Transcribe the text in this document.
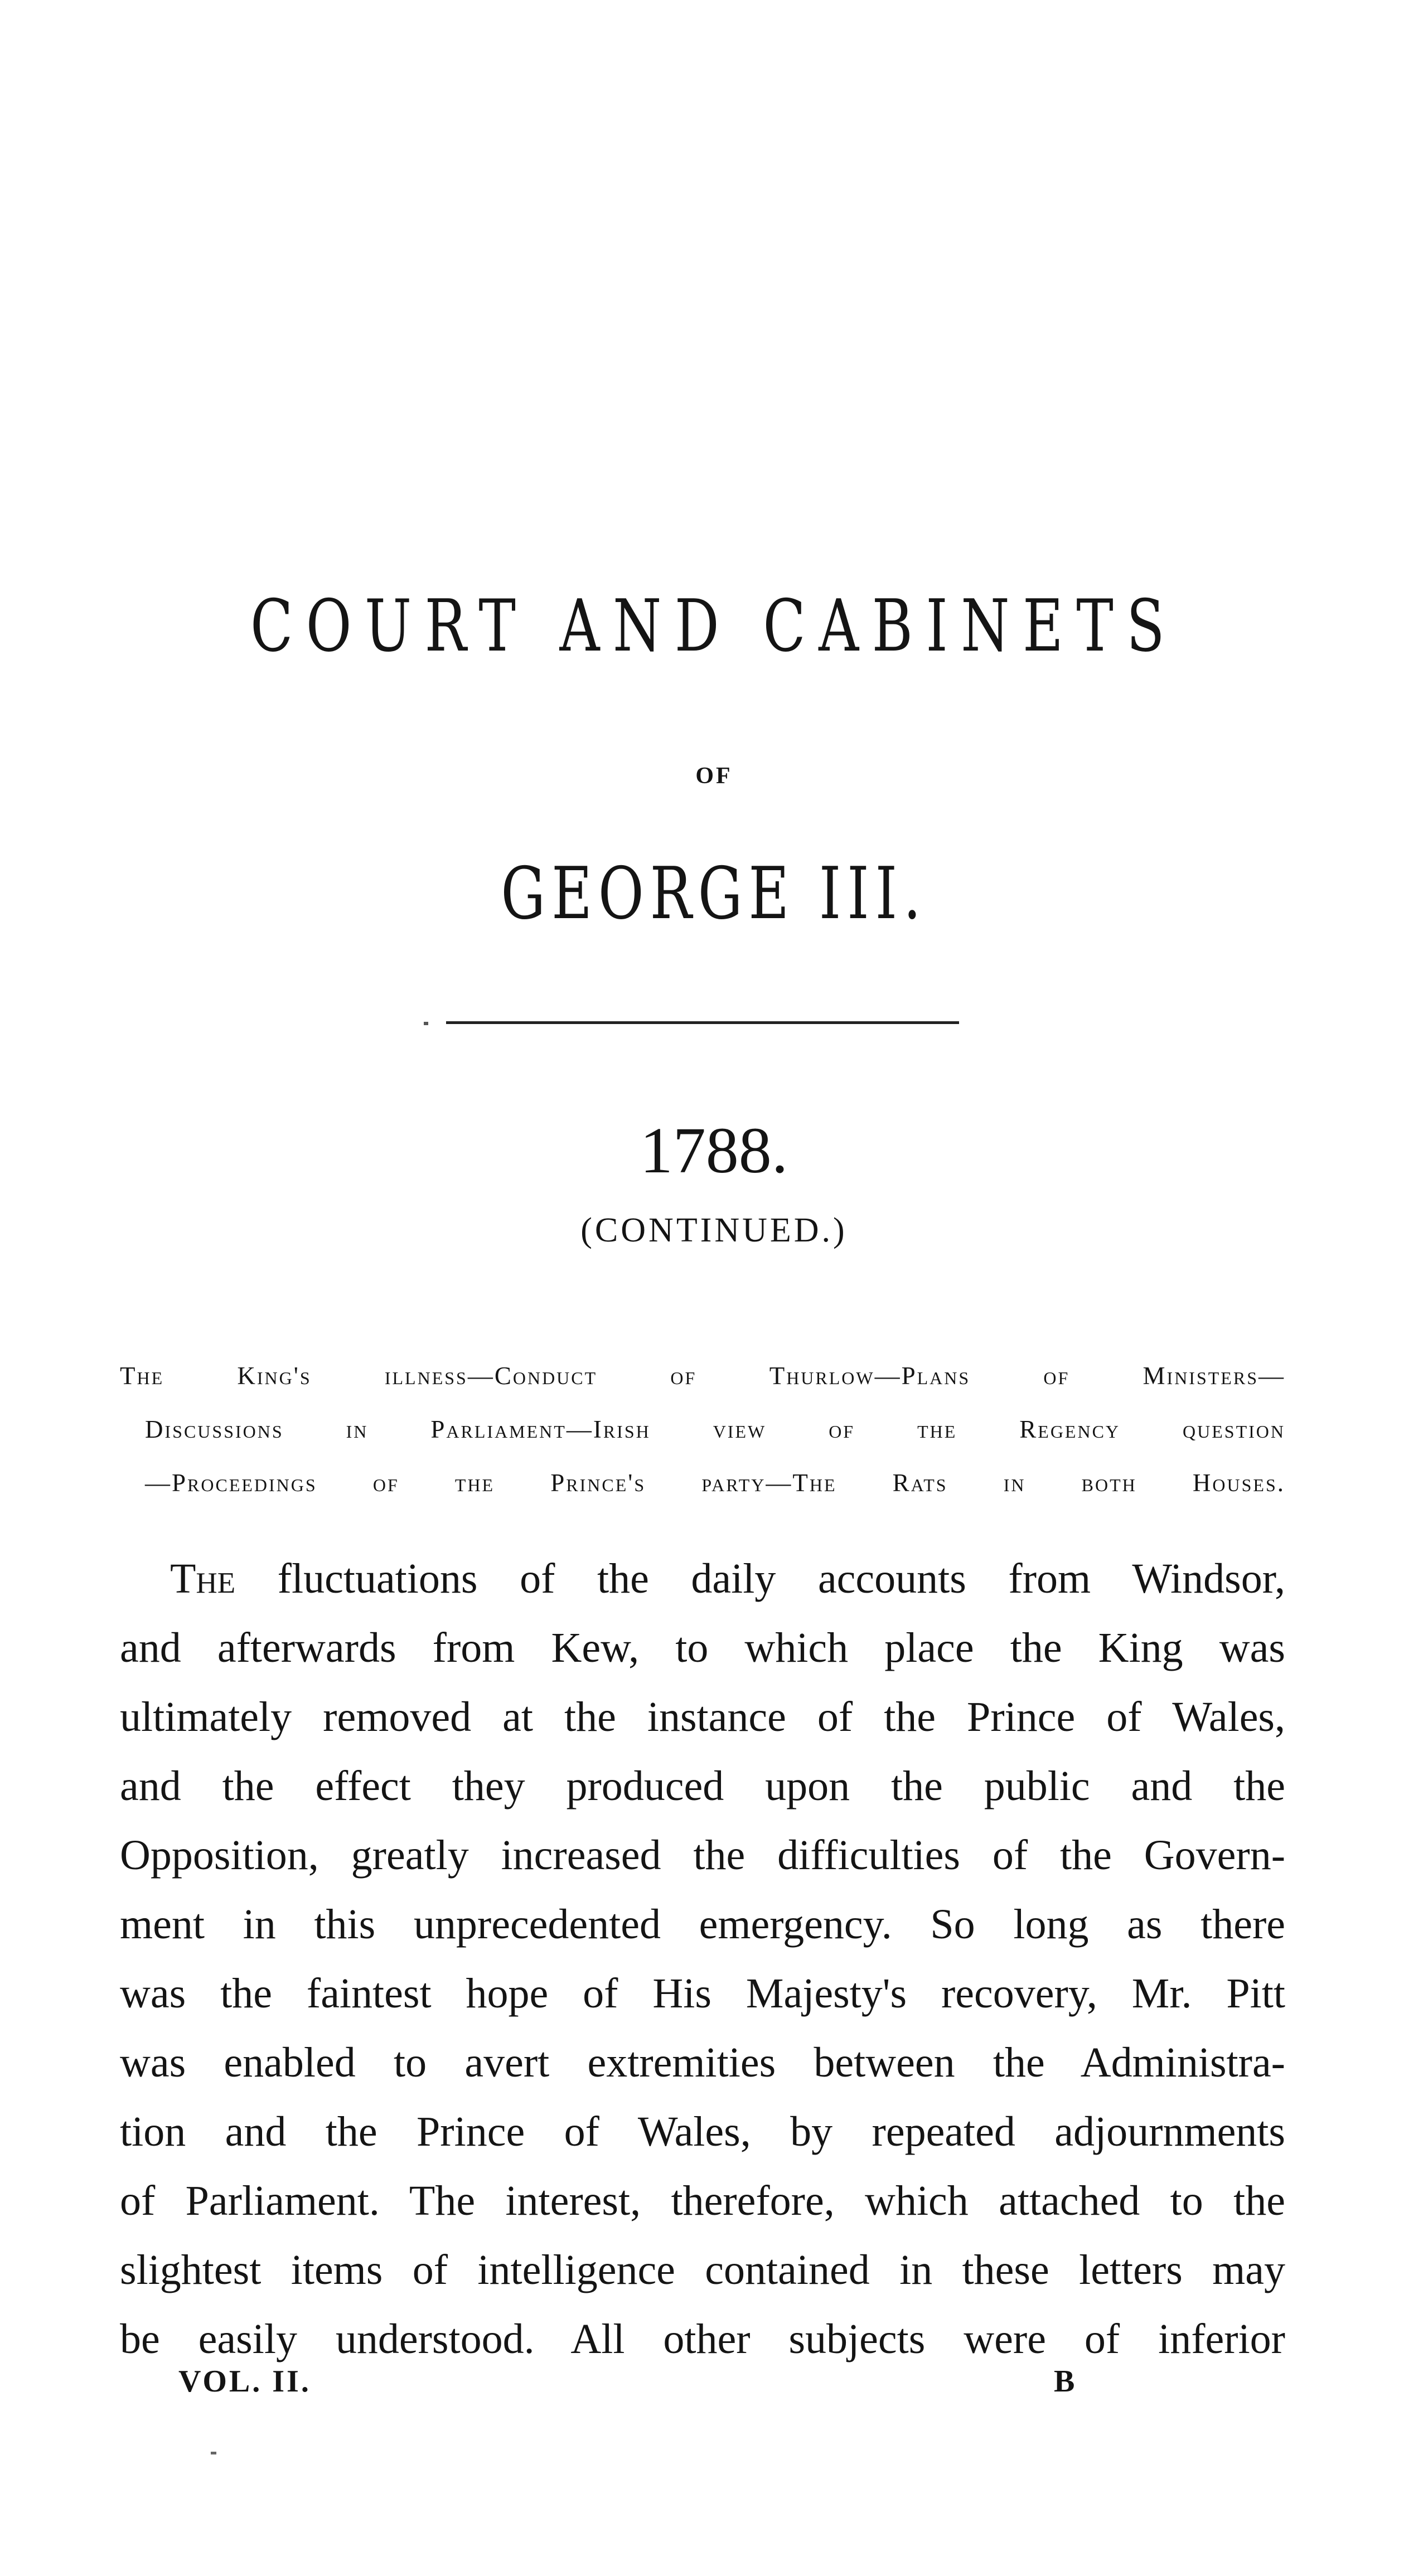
COURT AND CABINETS
OF
GEORGE III.
1788.
(CONTINUED.)
The King's illness—Conduct of Thurlow—Plans of Ministers—
Discussions in Parliament—Irish view of the Regency question
—Proceedings of the Prince's party—The Rats in both Houses.
The fluctuations of the daily accounts from Windsor,
and afterwards from Kew, to which place the King was
ultimately removed at the instance of the Prince of Wales,
and the effect they produced upon the public and the
Opposition, greatly increased the difficulties of the Govern-
ment in this unprecedented emergency. So long as there
was the faintest hope of His Majesty's recovery, Mr. Pitt
was enabled to avert extremities between the Administra-
tion and the Prince of Wales, by repeated adjournments
of Parliament. The interest, therefore, which attached to the
slightest items of intelligence contained in these letters may
be easily understood. All other subjects were of inferior
VOL. II.	B
